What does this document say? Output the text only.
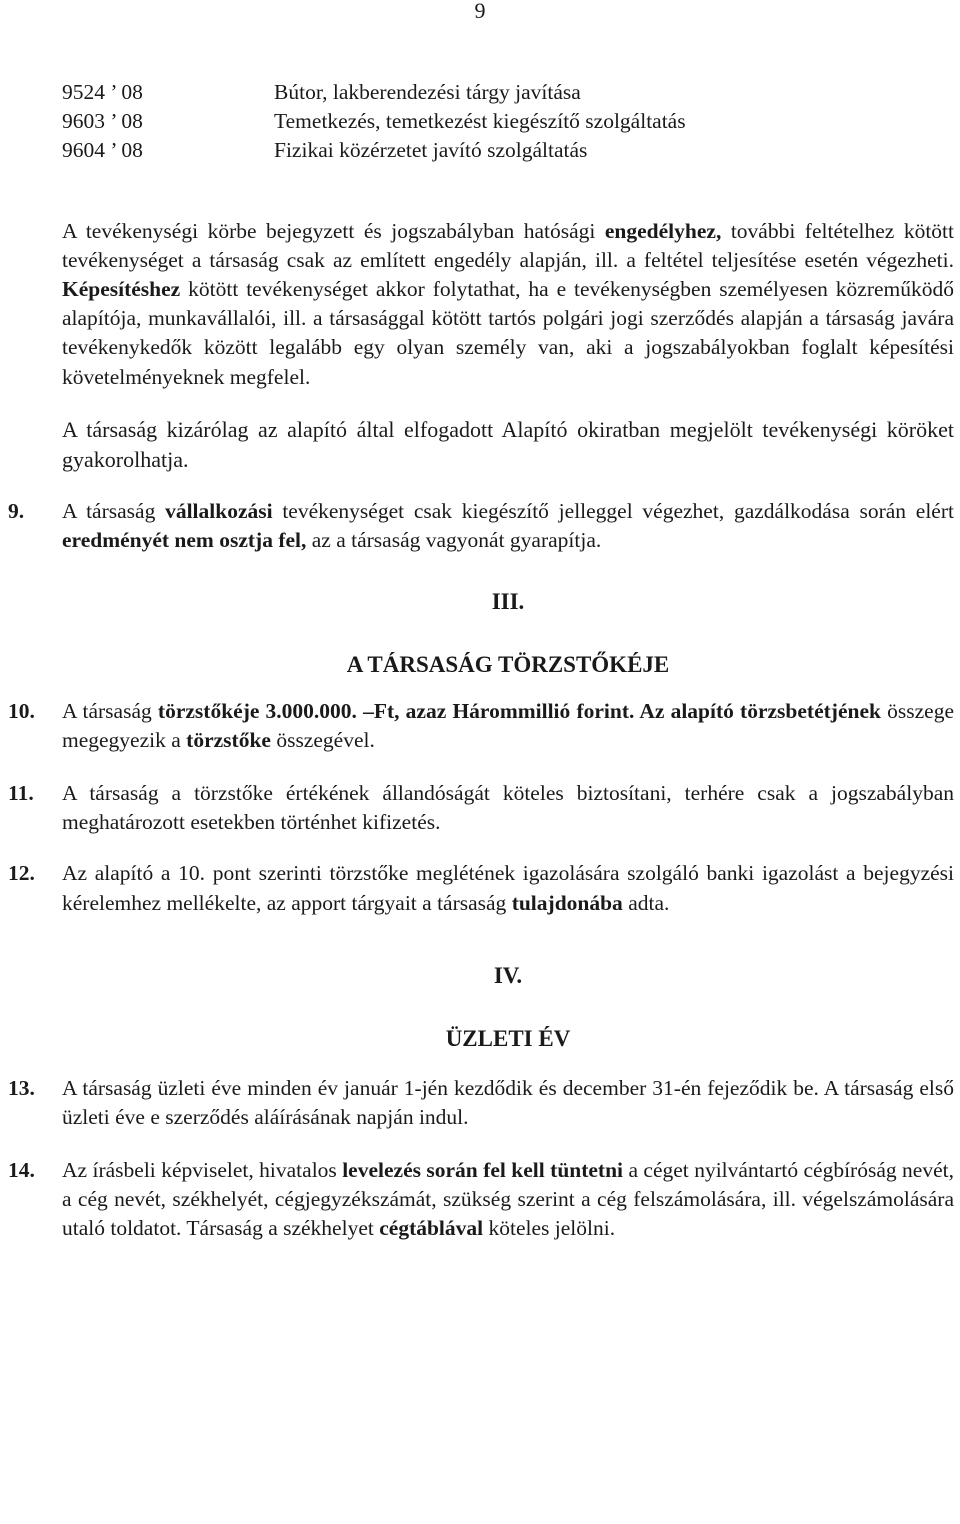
9
9524 ’ 08	Bútor, lakberendezési tárgy javítása
9603 ’ 08	Temetkezés, temetkezést kiegészítő szolgáltatás
9604 ’ 08	Fizikai közérzetet javító szolgáltatás

A tevékenységi körbe bejegyzett és jogszabályban hatósági engedélyhez, további feltételhez kötött tevékenységet a társaság csak az említett engedély alapján, ill. a feltétel teljesítése esetén végezheti. Képesítéshez kötött tevékenységet akkor folytathat, ha e tevékenységben személyesen közreműködő alapítója, munkavállalói, ill. a társasággal kötött tartós polgári jogi szerződés alapján a társaság javára tevékenykedők között legalább egy olyan személy van, aki a jogszabályokban foglalt képesítési követelményeknek megfelel.

A társaság kizárólag az alapító által elfogadott Alapító okiratban megjelölt tevékenységi köröket gyakorolhatja.

9.	A társaság vállalkozási tevékenységet csak kiegészítő jelleggel végezhet, gazdálkodása során elért eredményét nem osztja fel, az a társaság vagyonát gyarapítja.
III.
A TÁRSASÁG TÖRZSTŐKÉJE
10.	A társaság törzstőkéje 3.000.000. –Ft, azaz Hárommillió forint. Az alapító törzsbetétjének összege megegyezik a törzstőke összegével.
11.	A társaság a törzstőke értékének állandóságát köteles biztosítani, terhére csak a jogszabályban meghatározott esetekben történhet kifizetés.
12.	Az alapító a 10. pont szerinti törzstőke meglétének igazolására szolgáló banki igazolást a bejegyzési kérelemhez mellékelte, az apport tárgyait a társaság tulajdonába adta.
IV.
ÜZLETI ÉV
13.	A társaság üzleti éve minden év január 1-jén kezdődik és december 31-én fejeződik be. A társaság első üzleti éve e szerződés aláírásának napján indul.
14.	Az írásbeli képviselet, hivatalos levelezés során fel kell tüntetni a céget nyilvántartó cégbíróság nevét, a cég nevét, székhelyét, cégjegyzékszámát, szükség szerint a cég felszámolására, ill. végelszámolására utaló toldatot. Társaság a székhelyet cégtáblával köteles jelölni.
